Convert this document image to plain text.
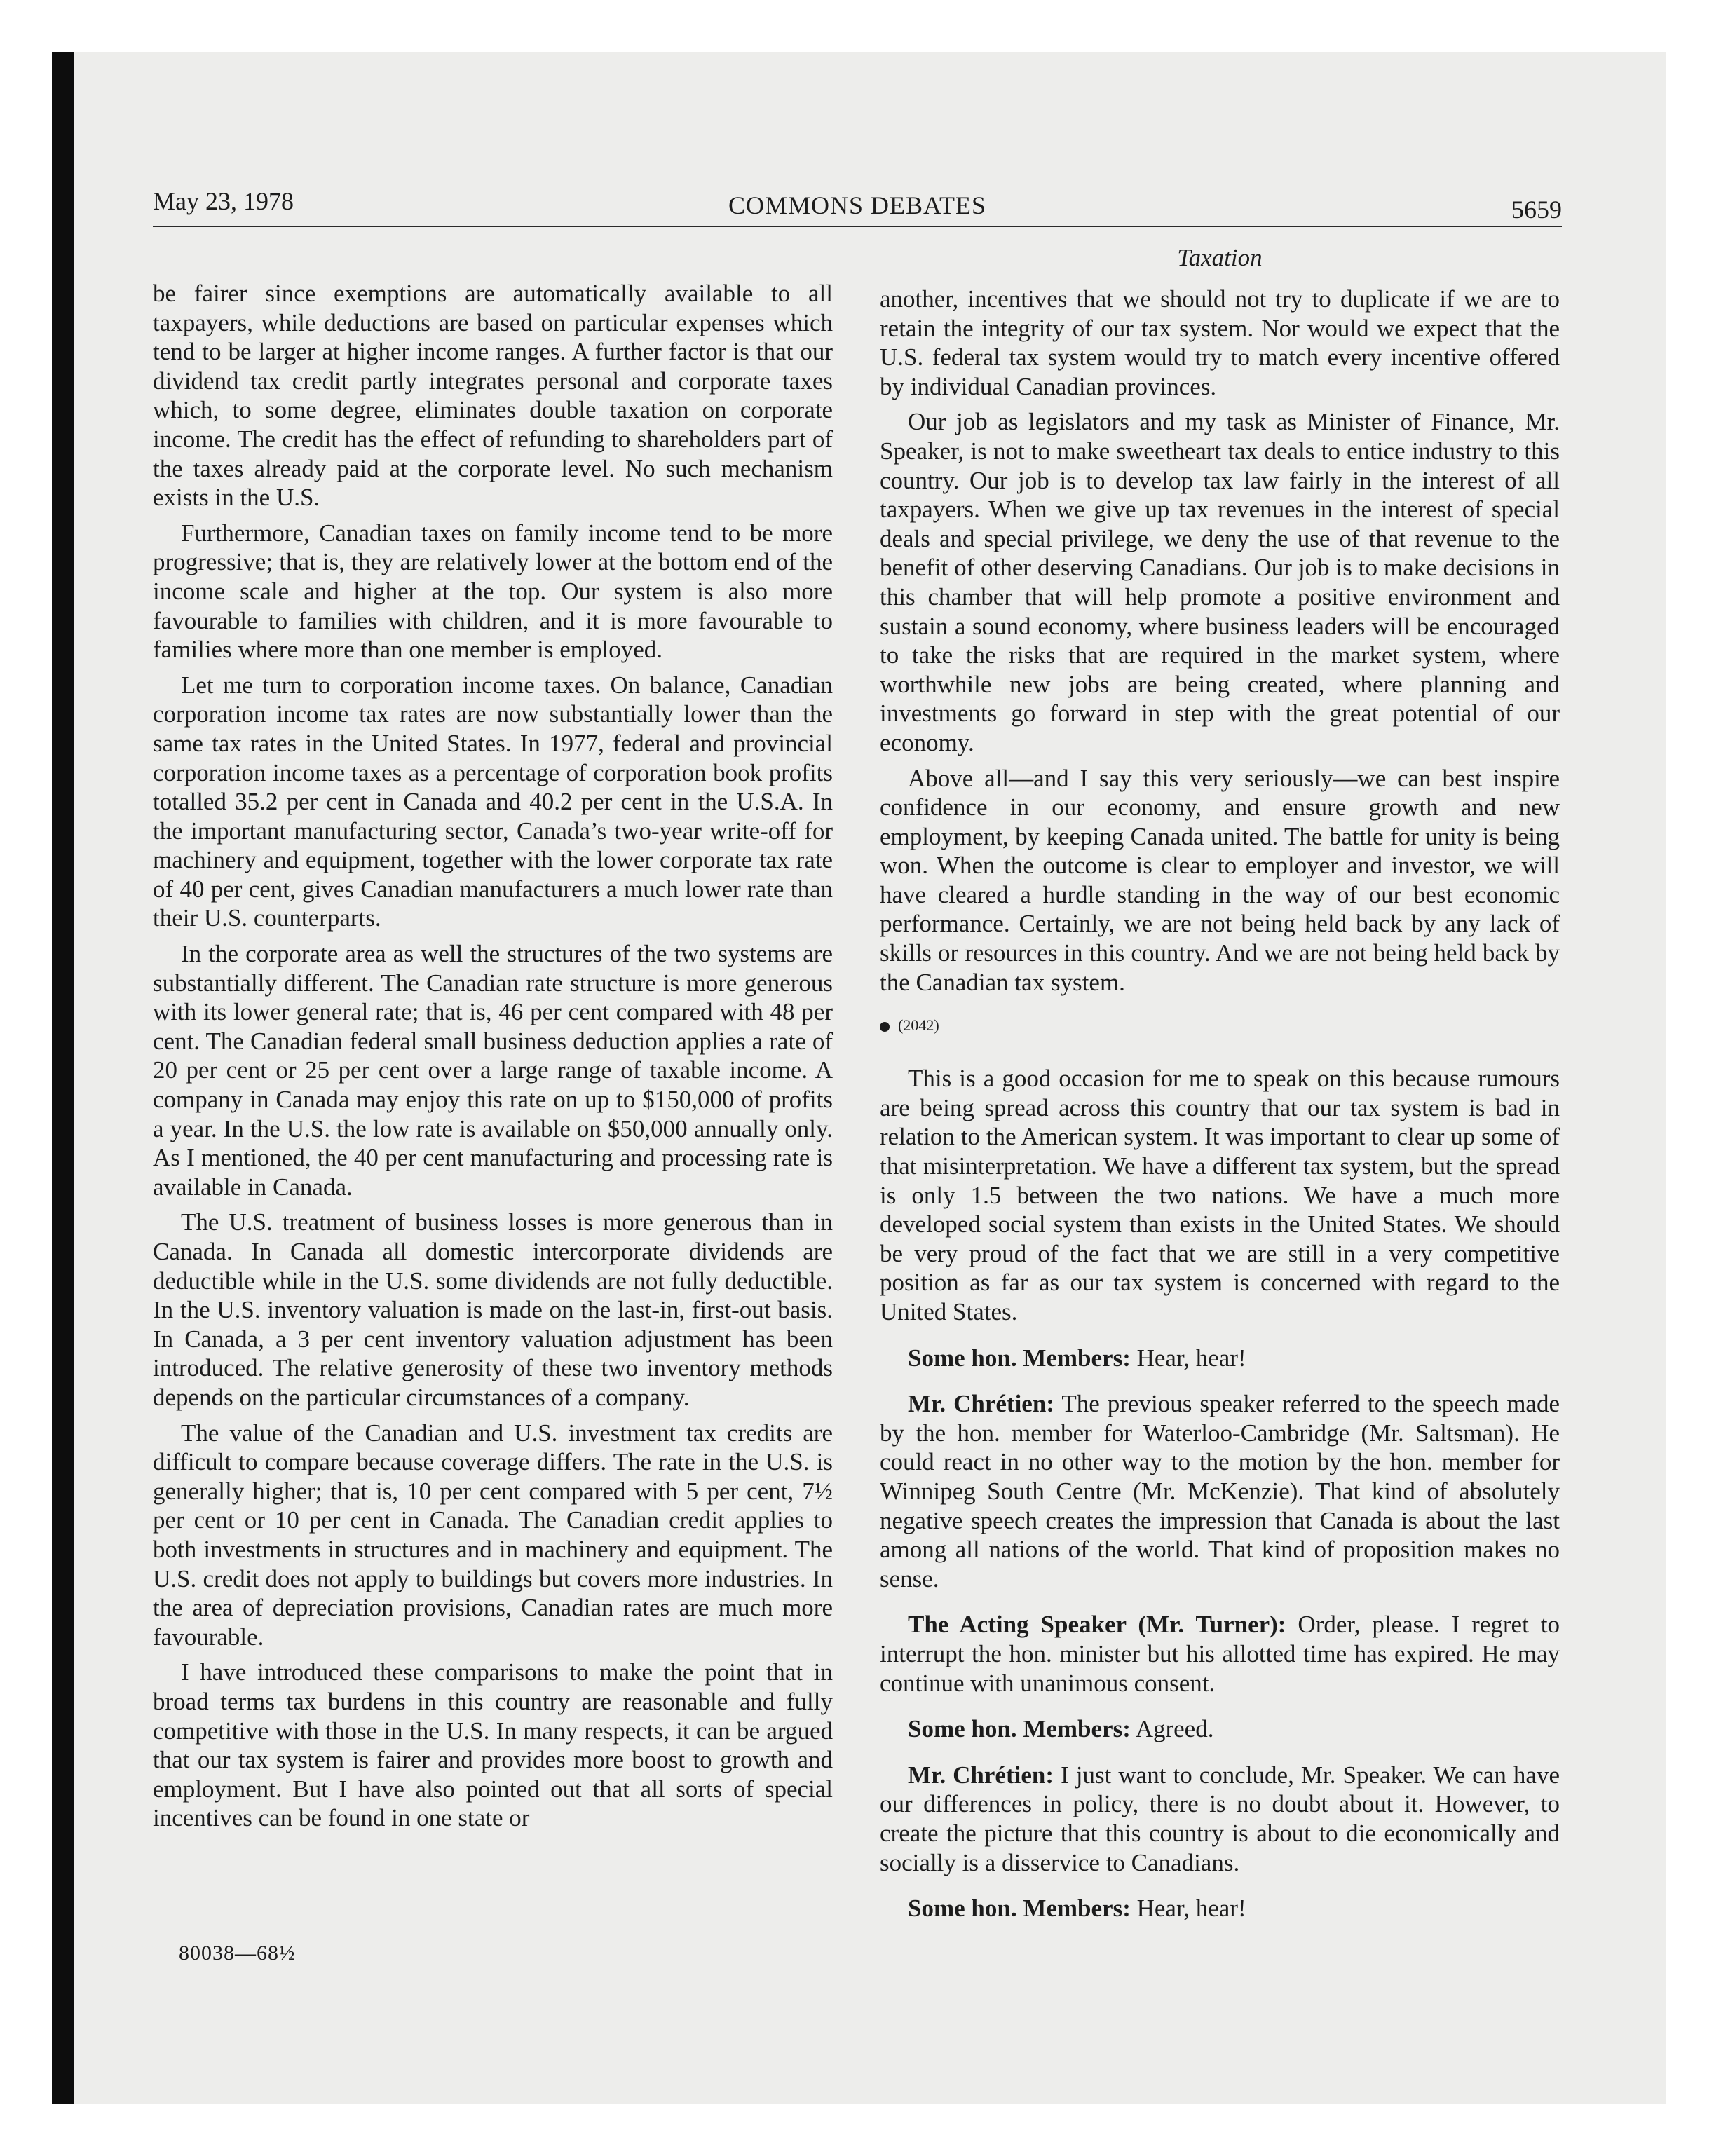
May 23, 1978	COMMONS DEBATES	5659
Taxation

be fairer since exemptions are automatically available to all taxpayers, while deductions are based on particular expenses which tend to be larger at higher income ranges. A further factor is that our dividend tax credit partly integrates personal and corporate taxes which, to some degree, eliminates double taxation on corporate income. The credit has the effect of refunding to shareholders part of the taxes already paid at the corporate level. No such mechanism exists in the U.S.

Furthermore, Canadian taxes on family income tend to be more progressive; that is, they are relatively lower at the bottom end of the income scale and higher at the top. Our system is also more favourable to families with children, and it is more favourable to families where more than one member is employed.

Let me turn to corporation income taxes. On balance, Canadian corporation income tax rates are now substantially lower than the same tax rates in the United States. In 1977, federal and provincial corporation income taxes as a percentage of corporation book profits totalled 35.2 per cent in Canada and 40.2 per cent in the U.S.A. In the important manufacturing sector, Canada’s two-year write-off for machinery and equipment, together with the lower corporate tax rate of 40 per cent, gives Canadian manufacturers a much lower rate than their U.S. counterparts.

In the corporate area as well the structures of the two systems are substantially different. The Canadian rate structure is more generous with its lower general rate; that is, 46 per cent compared with 48 per cent. The Canadian federal small business deduction applies a rate of 20 per cent or 25 per cent over a large range of taxable income. A company in Canada may enjoy this rate on up to $150,000 of profits a year. In the U.S. the low rate is available on $50,000 annually only. As I mentioned, the 40 per cent manufacturing and processing rate is available in Canada.

The U.S. treatment of business losses is more generous than in Canada. In Canada all domestic intercorporate dividends are deductible while in the U.S. some dividends are not fully deductible. In the U.S. inventory valuation is made on the last-in, first-out basis. In Canada, a 3 per cent inventory valuation adjustment has been introduced. The relative generosity of these two inventory methods depends on the particular circumstances of a company.

The value of the Canadian and U.S. investment tax credits are difficult to compare because coverage differs. The rate in the U.S. is generally higher; that is, 10 per cent compared with 5 per cent, 7½ per cent or 10 per cent in Canada. The Canadian credit applies to both investments in structures and in machinery and equipment. The U.S. credit does not apply to buildings but covers more industries. In the area of depreciation provisions, Canadian rates are much more favourable.

I have introduced these comparisons to make the point that in broad terms tax burdens in this country are reasonable and fully competitive with those in the U.S. In many respects, it can be argued that our tax system is fairer and provides more boost to growth and employment. But I have also pointed out that all sorts of special incentives can be found in one state or

another, incentives that we should not try to duplicate if we are to retain the integrity of our tax system. Nor would we expect that the U.S. federal tax system would try to match every incentive offered by individual Canadian provinces.

Our job as legislators and my task as Minister of Finance, Mr. Speaker, is not to make sweetheart tax deals to entice industry to this country. Our job is to develop tax law fairly in the interest of all taxpayers. When we give up tax revenues in the interest of special deals and special privilege, we deny the use of that revenue to the benefit of other deserving Canadians. Our job is to make decisions in this chamber that will help promote a positive environment and sustain a sound economy, where business leaders will be encouraged to take the risks that are required in the market system, where worthwhile new jobs are being created, where planning and investments go forward in step with the great potential of our economy.

Above all—and I say this very seriously—we can best inspire confidence in our economy, and ensure growth and new employment, by keeping Canada united. The battle for unity is being won. When the outcome is clear to employer and investor, we will have cleared a hurdle standing in the way of our best economic performance. Certainly, we are not being held back by any lack of skills or resources in this country. And we are not being held back by the Canadian tax system.

(2042)

This is a good occasion for me to speak on this because rumours are being spread across this country that our tax system is bad in relation to the American system. It was important to clear up some of that misinterpretation. We have a different tax system, but the spread is only 1.5 between the two nations. We have a much more developed social system than exists in the United States. We should be very proud of the fact that we are still in a very competitive position as far as our tax system is concerned with regard to the United States.

Some hon. Members: Hear, hear!

Mr. Chrétien: The previous speaker referred to the speech made by the hon. member for Waterloo-Cambridge (Mr. Saltsman). He could react in no other way to the motion by the hon. member for Winnipeg South Centre (Mr. McKenzie). That kind of absolutely negative speech creates the impression that Canada is about the last among all nations of the world. That kind of proposition makes no sense.

The Acting Speaker (Mr. Turner): Order, please. I regret to interrupt the hon. minister but his allotted time has expired. He may continue with unanimous consent.

Some hon. Members: Agreed.

Mr. Chrétien: I just want to conclude, Mr. Speaker. We can have our differences in policy, there is no doubt about it. However, to create the picture that this country is about to die economically and socially is a disservice to Canadians.

Some hon. Members: Hear, hear!

80038—68½
